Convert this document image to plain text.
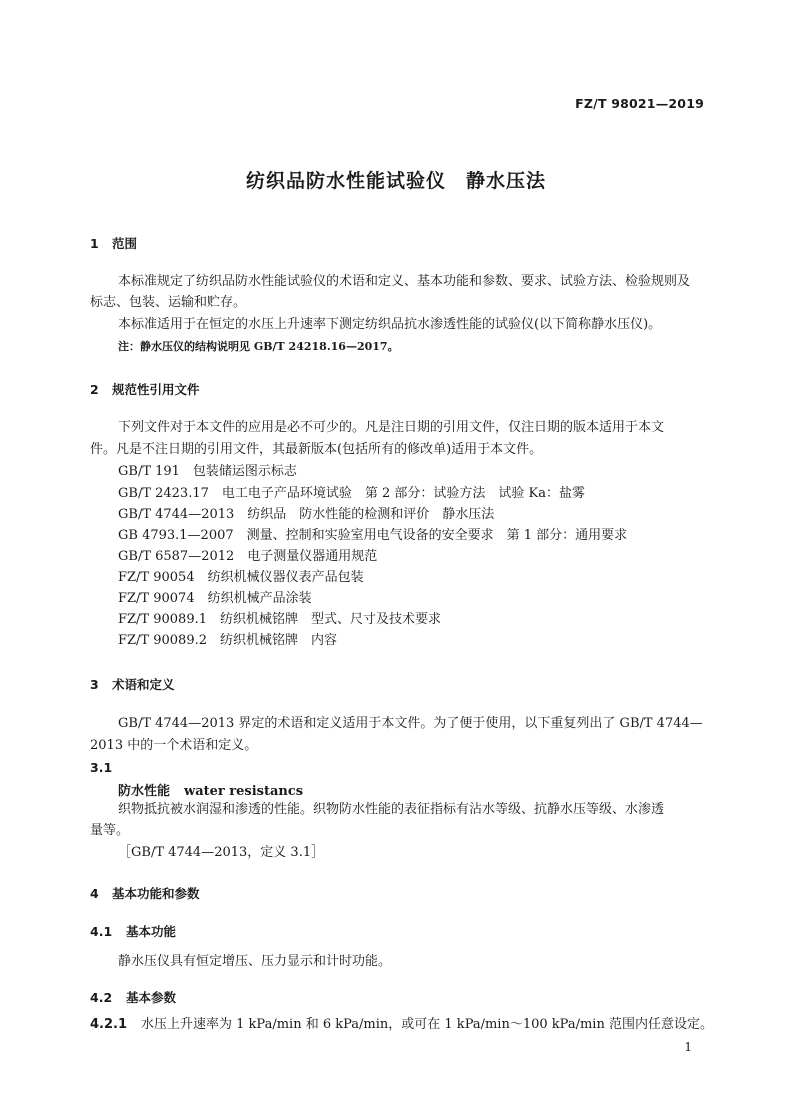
FZ/T 98021—2019
纺织品防水性能试验仪　静水压法
1 范围
本标准规定了纺织品防水性能试验仪的术语和定义、基本功能和参数、要求、试验方法、检验规则及
标志、包装、运输和贮存。
本标准适用于在恒定的水压上升速率下测定纺织品抗水渗透性能的试验仪(以下简称静水压仪)。
注：静水压仪的结构说明见 GB/T 24218.16—2017。
2 规范性引用文件
下列文件对于本文件的应用是必不可少的。凡是注日期的引用文件，仅注日期的版本适用于本文
件。凡是不注日期的引用文件，其最新版本(包括所有的修改单)适用于本文件。
GB/T 191　包装储运图示标志
GB/T 2423.17　电工电子产品环境试验　第 2 部分：试验方法　试验 Ka：盐雾
GB/T 4744—2013　纺织品　防水性能的检测和评价　静水压法
GB 4793.1—2007　测量、控制和实验室用电气设备的安全要求　第 1 部分：通用要求
GB/T 6587—2012　电子测量仪器通用规范
FZ/T 90054　纺织机械仪器仪表产品包装
FZ/T 90074　纺织机械产品涂装
FZ/T 90089.1　纺织机械铭牌　型式、尺寸及技术要求
FZ/T 90089.2　纺织机械铭牌　内容
3 术语和定义
GB/T 4744—2013 界定的术语和定义适用于本文件。为了便于使用，以下重复列出了 GB/T 4744—
2013 中的一个术语和定义。
3.1
防水性能 water resistancs
织物抵抗被水润湿和渗透的性能。织物防水性能的表征指标有沾水等级、抗静水压等级、水渗透
量等。
［GB/T 4744—2013，定义 3.1］
4 基本功能和参数
4.1 基本功能
静水压仪具有恒定增压、压力显示和计时功能。
4.2 基本参数
4.2.1 水压上升速率为 1 kPa/min 和 6 kPa/min，或可在 1 kPa/min～100 kPa/min 范围内任意设定。
1
